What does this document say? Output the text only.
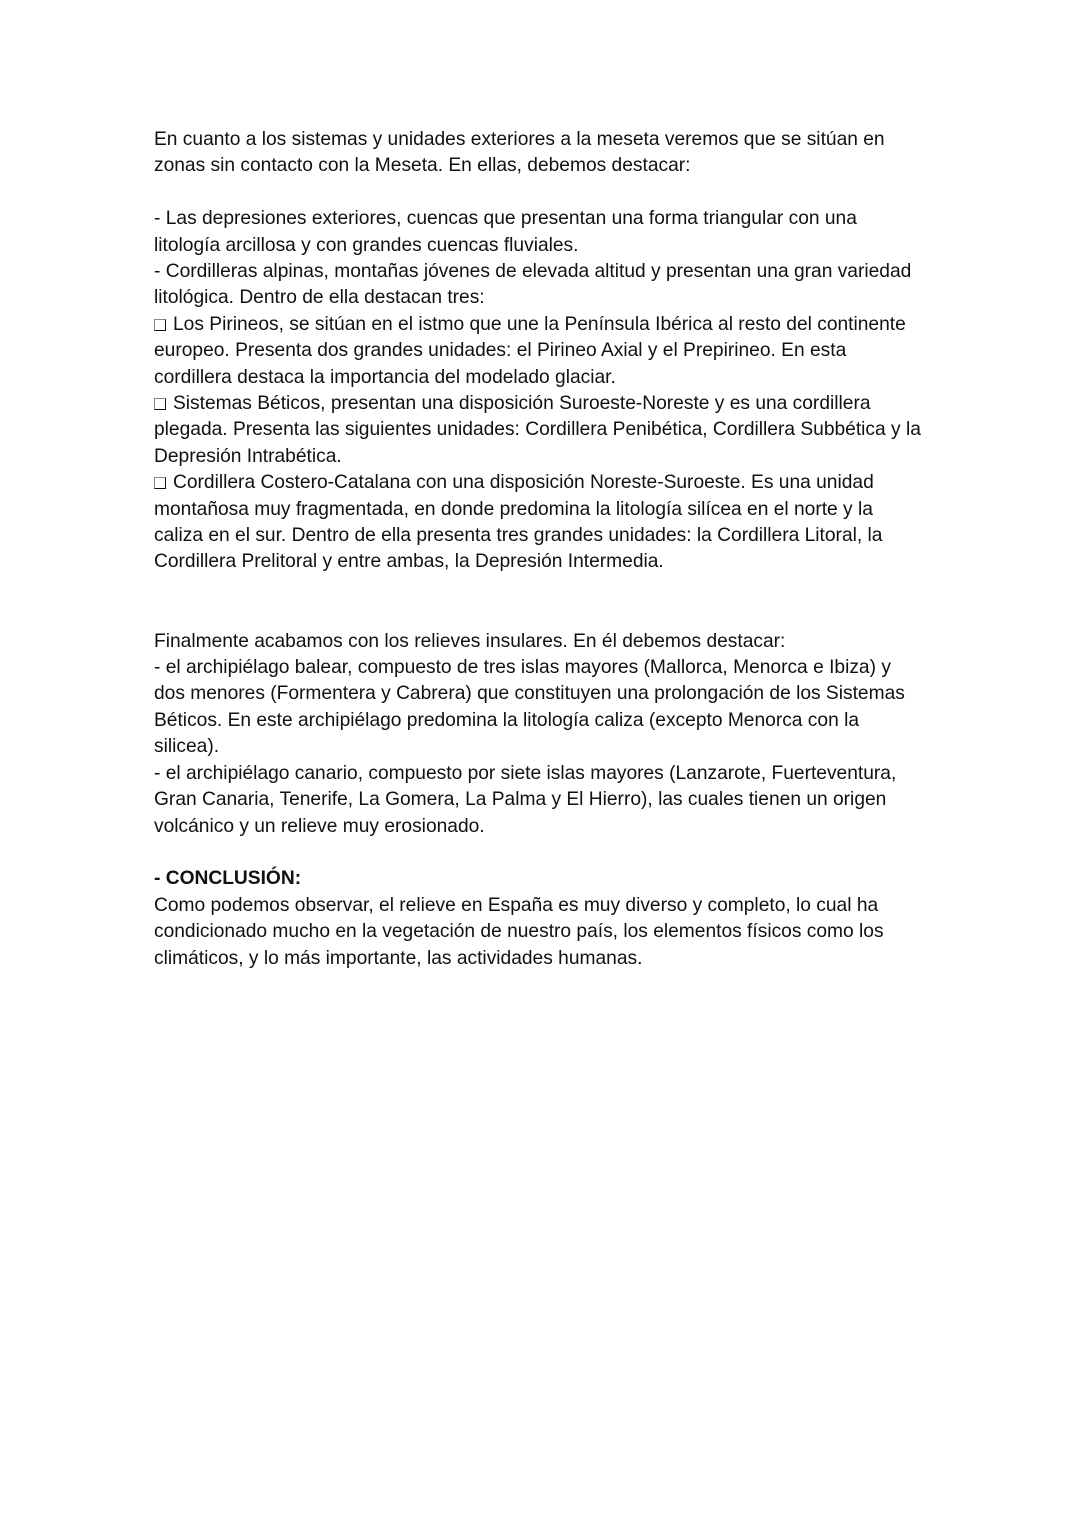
En cuanto a los sistemas y unidades exteriores a la meseta veremos que se sitúan en
zonas sin contacto con la Meseta. En ellas, debemos destacar:
- Las depresiones exteriores, cuencas que presentan una forma triangular con una
litología arcillosa y con grandes cuencas fluviales.
- Cordilleras alpinas, montañas jóvenes de elevada altitud y presentan una gran variedad
litológica. Dentro de ella destacan tres:
Los Pirineos, se sitúan en el istmo que une la Península Ibérica al resto del continente
europeo. Presenta dos grandes unidades: el Pirineo Axial y el Prepirineo. En esta
cordillera destaca la importancia del modelado glaciar.
Sistemas Béticos, presentan una disposición Suroeste-Noreste y es una cordillera
plegada. Presenta las siguientes unidades: Cordillera Penibética, Cordillera Subbética y la
Depresión Intrabética.
Cordillera Costero-Catalana con una disposición Noreste-Suroeste. Es una unidad
montañosa muy fragmentada, en donde predomina la litología silícea en el norte y la
caliza en el sur. Dentro de ella presenta tres grandes unidades: la Cordillera Litoral, la
Cordillera Prelitoral y entre ambas, la Depresión Intermedia.
Finalmente acabamos con los relieves insulares. En él debemos destacar:
- el archipiélago balear, compuesto de tres islas mayores (Mallorca, Menorca e Ibiza) y
dos menores (Formentera y Cabrera) que constituyen una prolongación de los Sistemas
Béticos. En este archipiélago predomina la litología caliza (excepto Menorca con la
silicea).
- el archipiélago canario, compuesto por siete islas mayores (Lanzarote, Fuerteventura,
Gran Canaria, Tenerife, La Gomera, La Palma y El Hierro), las cuales tienen un origen
volcánico y un relieve muy erosionado.
- CONCLUSIÓN:
Como podemos observar, el relieve en España es muy diverso y completo, lo cual ha
condicionado mucho en la vegetación de nuestro país, los elementos físicos como los
climáticos, y lo más importante, las actividades humanas.
